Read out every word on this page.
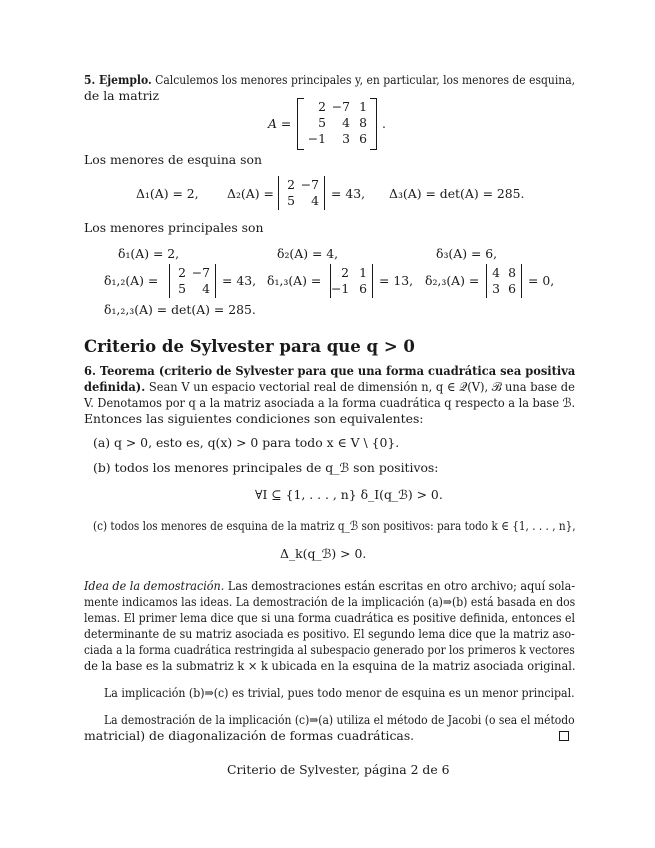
5. Ejemplo. Calculemos los menores principales y, en particular, los menores de esquina,
de la matriz
A =
2 −7 1
5	4 8
−1	3 6
.
Los menores de esquina son
Δ₁(A) = 2, Δ₂(A) =
2 −7
5	4 = 43, Δ₃(A) = det(A) = 285.
Los menores principales son
δ₁(A) = 2,	δ₂(A) = 4,	δ₃(A) = 6,
δ₁,₂(A) =
2 −7
5	4
= 43, δ₁,₃(A) =
2 1
−1 6
= 13, δ₂,₃(A) =
4 8
3 6
= 0,
δ₁,₂,₃(A) = det(A) = 285.
Criterio de Sylvester para que q > 0
6. Teorema (criterio de Sylvester para que una forma cuadrática sea positiva
definida). Sean V un espacio vectorial real de dimensión n, q ∈ 𝒬(V), ℬ una base de
V. Denotamos por q a la matriz asociada a la forma cuadrática q respecto a la base ℬ.
Entonces las siguientes condiciones son equivalentes:
(a) q > 0, esto es, q(x) > 0 para todo x ∈ V \ {0}.
(b) todos los menores principales de q_ℬ son positivos:
∀I ⊆ {1, . . . , n} δ_I(q_ℬ) > 0.
(c) todos los menores de esquina de la matriz q_ℬ son positivos: para todo k ∈ {1, . . . , n},
Δ_k(q_ℬ) > 0.
Idea de la demostración. Las demostraciones están escritas en otro archivo; aquí sola-
mente indicamos las ideas. La demostración de la implicación (a)⇒(b) está basada en dos
lemas. El primer lema dice que si una forma cuadrática es positive definida, entonces el
determinante de su matriz asociada es positivo. El segundo lema dice que la matriz aso-
ciada a la forma cuadrática restringida al subespacio generado por los primeros k vectores
de la base es la submatriz k × k ubicada en la esquina de la matriz asociada original.
La implicación (b)⇒(c) es trivial, pues todo menor de esquina es un menor principal.
La demostración de la implicación (c)⇒(a) utiliza el método de Jacobi (o sea el método
matricial) de diagonalización de formas cuadráticas.
Criterio de Sylvester, página 2 de 6
